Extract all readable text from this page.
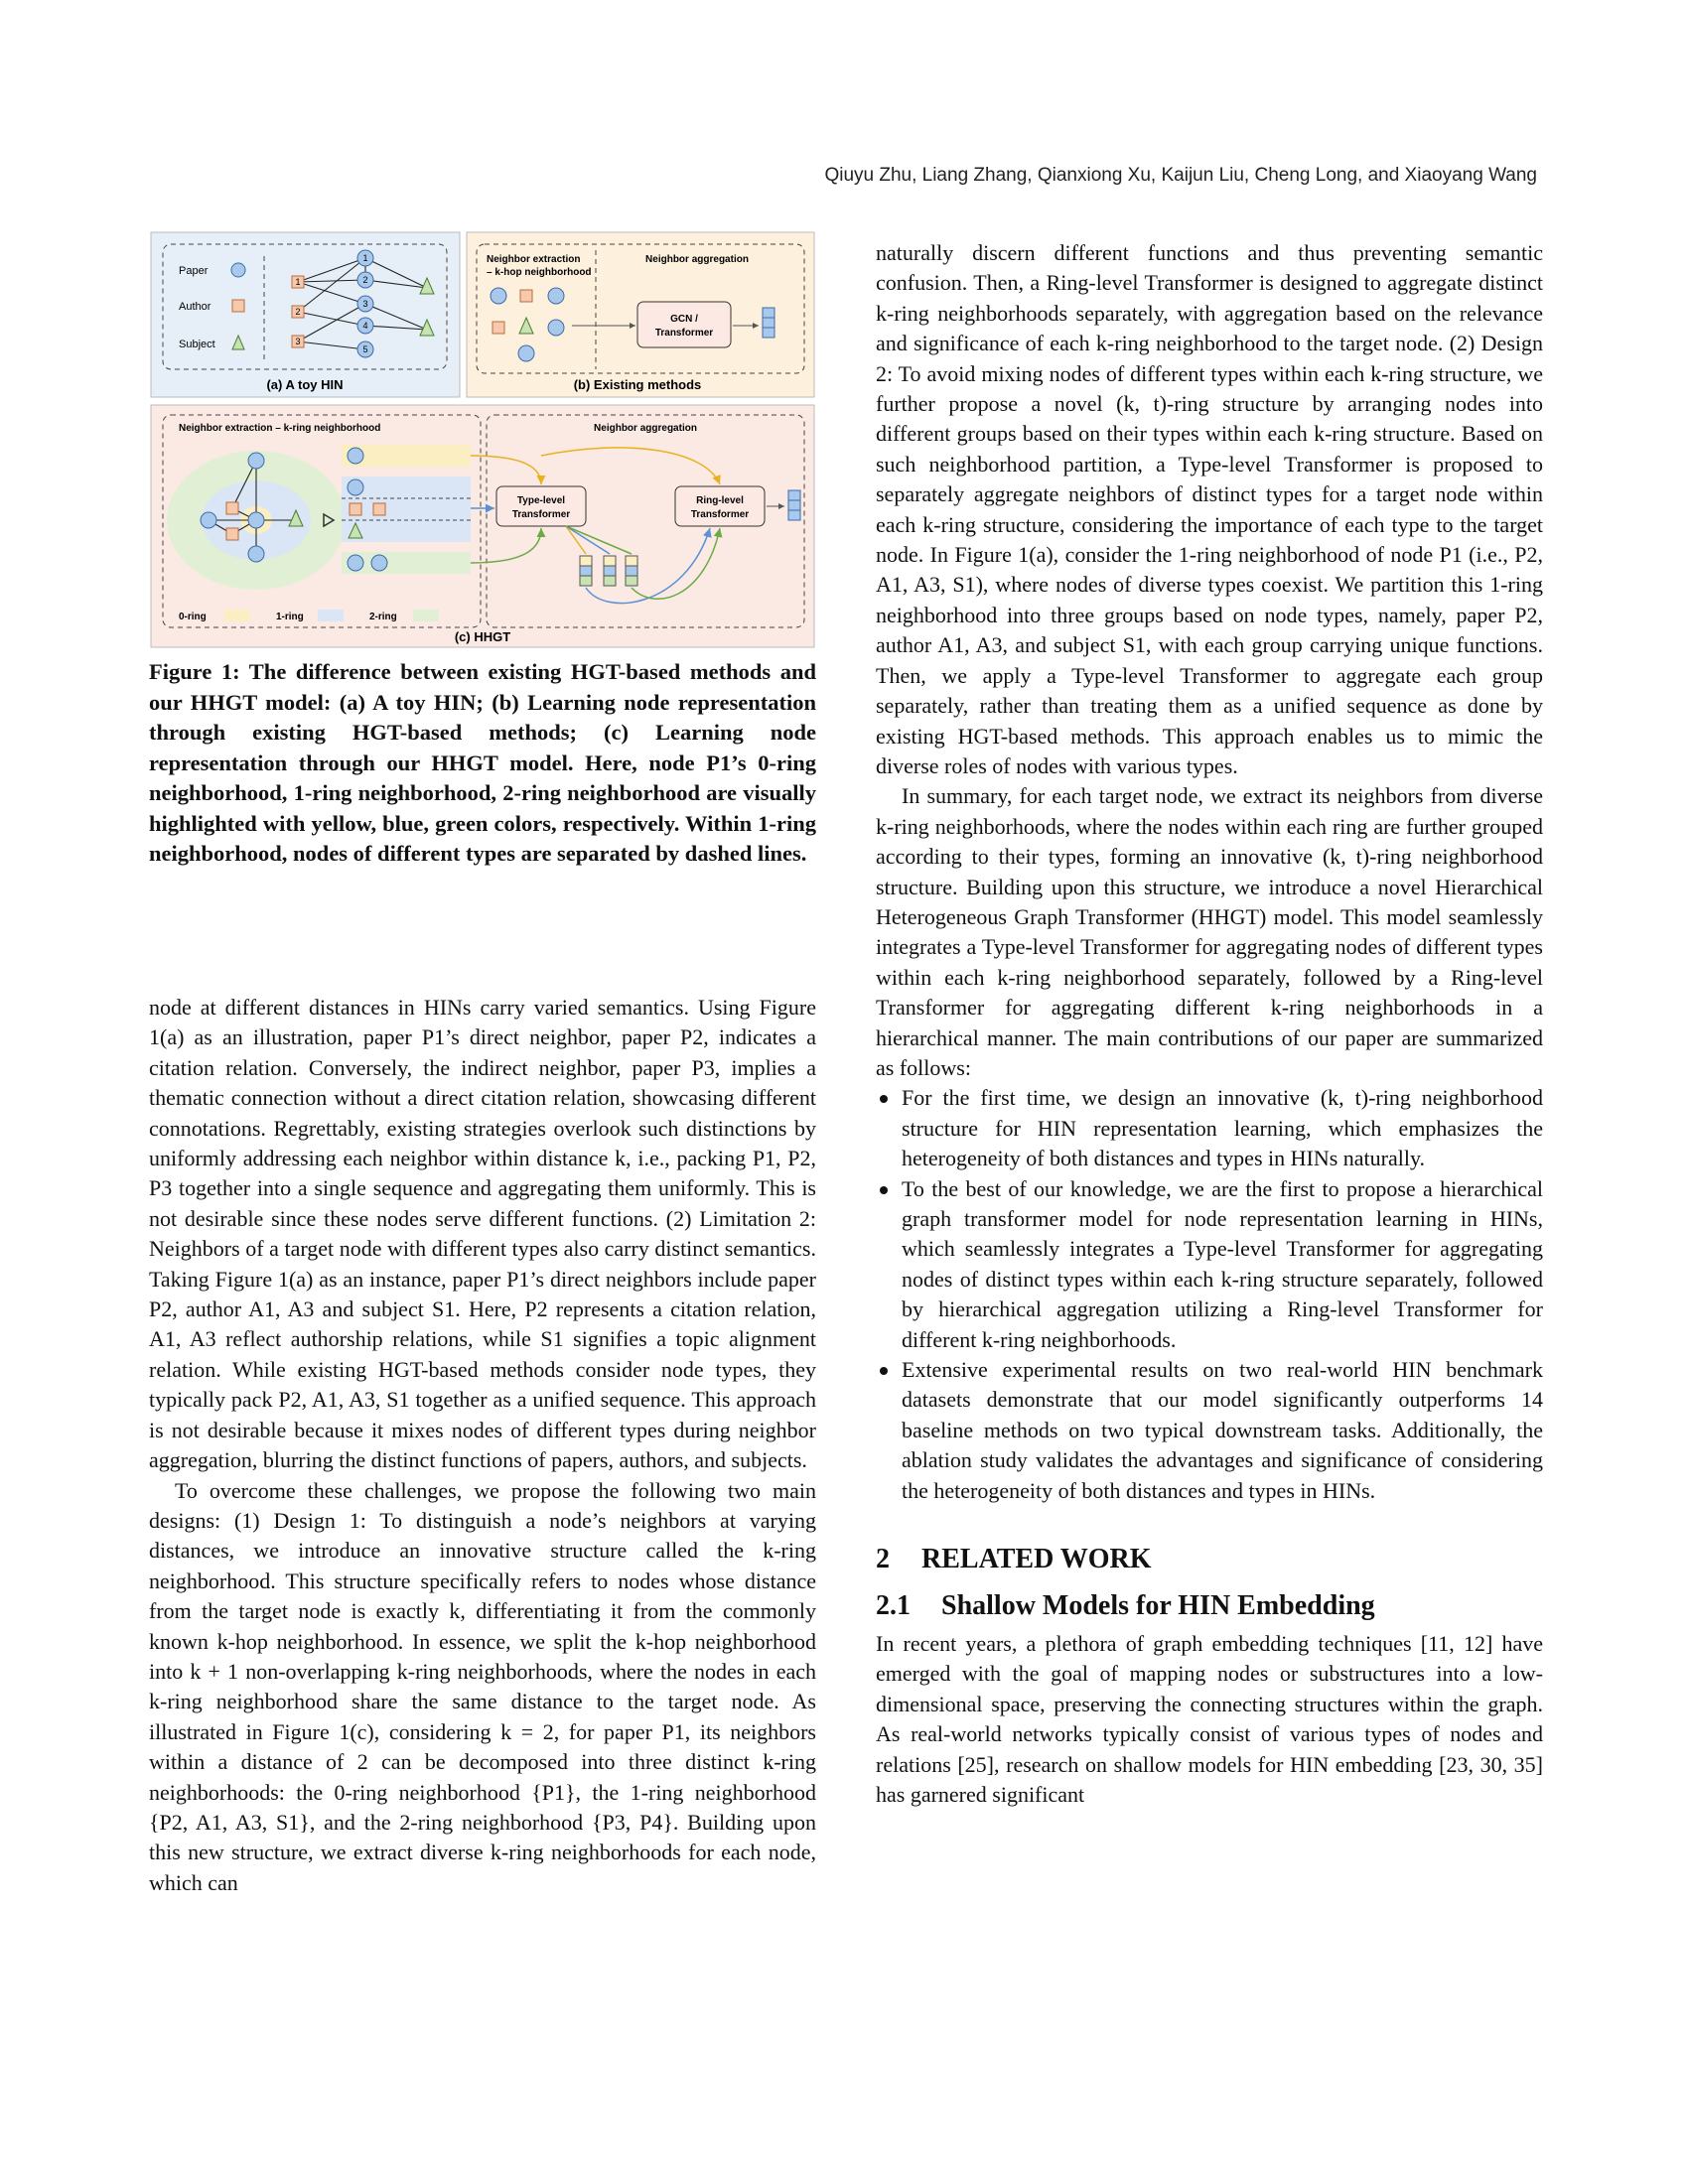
Qiuyu Zhu, Liang Zhang, Qianxiong Xu, Kaijun Liu, Cheng Long, and Xiaoyang Wang
Paper
Author
Subject
1
2
3
1
2
3
4
5
(a) A toy HIN
Neighbor extraction
– k-hop neighborhood
Neighbor aggregation
GCN /
Transformer
(b) Existing methods
Neighbor extraction – k-ring neighborhood	Neighbor aggregation
Type-level
Transformer
Ring-level
Transformer
0-ring	1-ring	2-ring
(c) HHGT

Figure 1: The difference between existing HGT-based methods and our HHGT model: (a) A toy HIN; (b) Learning node representation through existing HGT-based methods; (c) Learning node representation through our HHGT model. Here, node P1’s 0-ring neighborhood, 1-ring neighborhood, 2-ring neighborhood are visually highlighted with yellow, blue, green colors, respectively. Within 1-ring neighborhood, nodes of different types are separated by dashed lines.

node at different distances in HINs carry varied semantics. Using Figure 1(a) as an illustration, paper P1’s direct neighbor, paper P2, indicates a citation relation. Conversely, the indirect neighbor, paper P3, implies a thematic connection without a direct citation relation, showcasing different connotations. Regrettably, existing strategies overlook such distinctions by uniformly addressing each neighbor within distance k, i.e., packing P1, P2, P3 together into a single sequence and aggregating them uniformly. This is not desirable since these nodes serve different functions. (2) Limitation 2: Neighbors of a target node with different types also carry distinct semantics. Taking Figure 1(a) as an instance, paper P1’s direct neighbors include paper P2, author A1, A3 and subject S1. Here, P2 represents a citation relation, A1, A3 reflect authorship relations, while S1 signifies a topic alignment relation. While existing HGT-based methods consider node types, they typically pack P2, A1, A3, S1 together as a unified sequence. This approach is not desirable because it mixes nodes of different types during neighbor aggregation, blurring the distinct functions of papers, authors, and subjects.

To overcome these challenges, we propose the following two main designs: (1) Design 1: To distinguish a node’s neighbors at varying distances, we introduce an innovative structure called the k-ring neighborhood. This structure specifically refers to nodes whose distance from the target node is exactly k, differentiating it from the commonly known k-hop neighborhood. In essence, we split the k-hop neighborhood into k + 1 non-overlapping k-ring neighborhoods, where the nodes in each k-ring neighborhood share the same distance to the target node. As illustrated in Figure 1(c), considering k = 2, for paper P1, its neighbors within a distance of 2 can be decomposed into three distinct k-ring neighborhoods: the 0-ring neighborhood {P1}, the 1-ring neighborhood {P2, A1, A3, S1}, and the 2-ring neighborhood {P3, P4}. Building upon this new structure, we extract diverse k-ring neighborhoods for each node, which can

naturally discern different functions and thus preventing semantic confusion. Then, a Ring-level Transformer is designed to aggregate distinct k-ring neighborhoods separately, with aggregation based on the relevance and significance of each k-ring neighborhood to the target node. (2) Design 2: To avoid mixing nodes of different types within each k-ring structure, we further propose a novel (k, t)-ring structure by arranging nodes into different groups based on their types within each k-ring structure. Based on such neighborhood partition, a Type-level Transformer is proposed to separately aggregate neighbors of distinct types for a target node within each k-ring structure, considering the importance of each type to the target node. In Figure 1(a), consider the 1-ring neighborhood of node P1 (i.e., P2, A1, A3, S1), where nodes of diverse types coexist. We partition this 1-ring neighborhood into three groups based on node types, namely, paper P2, author A1, A3, and subject S1, with each group carrying unique functions. Then, we apply a Type-level Transformer to aggregate each group separately, rather than treating them as a unified sequence as done by existing HGT-based methods. This approach enables us to mimic the diverse roles of nodes with various types.

In summary, for each target node, we extract its neighbors from diverse k-ring neighborhoods, where the nodes within each ring are further grouped according to their types, forming an innovative (k, t)-ring neighborhood structure. Building upon this structure, we introduce a novel Hierarchical Heterogeneous Graph Transformer (HHGT) model. This model seamlessly integrates a Type-level Transformer for aggregating nodes of different types within each k-ring neighborhood separately, followed by a Ring-level Transformer for aggregating different k-ring neighborhoods in a hierarchical manner. The main contributions of our paper are summarized as follows:

For the first time, we design an innovative (k, t)-ring neighborhood structure for HIN representation learning, which emphasizes the heterogeneity of both distances and types in HINs naturally.
To the best of our knowledge, we are the first to propose a hierarchical graph transformer model for node representation learning in HINs, which seamlessly integrates a Type-level Transformer for aggregating nodes of distinct types within each k-ring structure separately, followed by hierarchical aggregation utilizing a Ring-level Transformer for different k-ring neighborhoods.
Extensive experimental results on two real-world HIN benchmark datasets demonstrate that our model significantly outperforms 14 baseline methods on two typical downstream tasks. Additionally, the ablation study validates the advantages and significance of considering the heterogeneity of both distances and types in HINs.
2 RELATED WORK
2.1 Shallow Models for HIN Embedding

In recent years, a plethora of graph embedding techniques [11, 12] have emerged with the goal of mapping nodes or substructures into a low-dimensional space, preserving the connecting structures within the graph. As real-world networks typically consist of various types of nodes and relations [25], research on shallow models for HIN embedding [23, 30, 35] has garnered significant
